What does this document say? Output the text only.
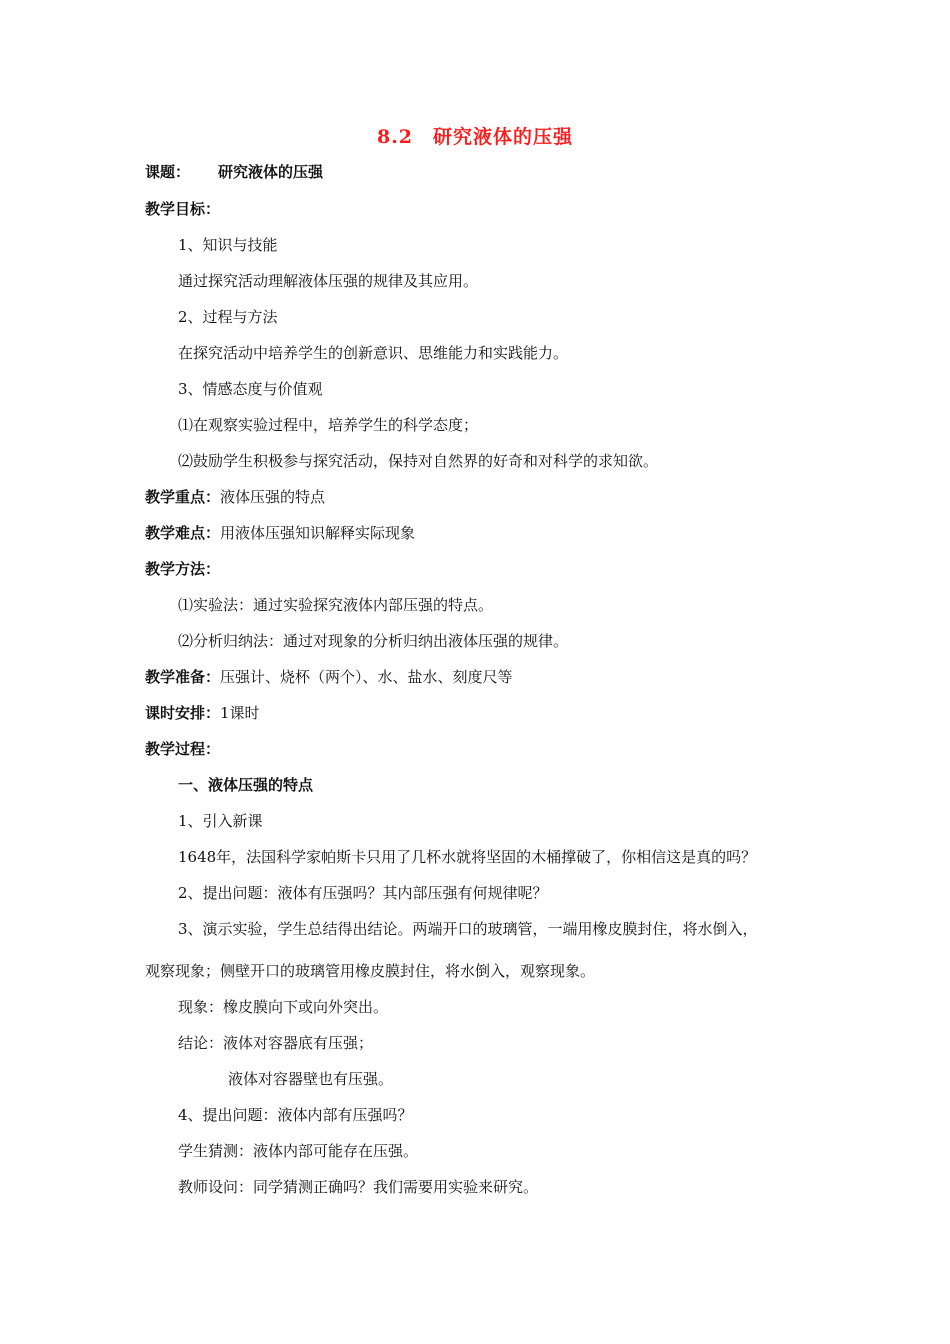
8.2　研究液体的压强
课题： 研究液体的压强
教学目标：
1、知识与技能
通过探究活动理解液体压强的规律及其应用。
2、过程与方法
在探究活动中培养学生的创新意识、思维能力和实践能力。
3、情感态度与价值观
⑴在观察实验过程中，培养学生的科学态度；
⑵鼓励学生积极参与探究活动，保持对自然界的好奇和对科学的求知欲。
教学重点：液体压强的特点
教学难点：用液体压强知识解释实际现象
教学方法：
⑴实验法：通过实验探究液体内部压强的特点。
⑵分析归纳法：通过对现象的分析归纳出液体压强的规律。
教学准备：压强计、烧杯（两个）、水、盐水、刻度尺等
课时安排：1课时
教学过程：
一、液体压强的特点
1、引入新课
1648年，法国科学家帕斯卡只用了几杯水就将坚固的木桶撑破了，你相信这是真的吗？
2、提出问题：液体有压强吗？其内部压强有何规律呢？
3、演示实验，学生总结得出结论。两端开口的玻璃管，一端用橡皮膜封住，将水倒入，
观察现象；侧壁开口的玻璃管用橡皮膜封住，将水倒入，观察现象。
现象：橡皮膜向下或向外突出。
结论：液体对容器底有压强；
液体对容器壁也有压强。
4、提出问题：液体内部有压强吗？
学生猜测：液体内部可能存在压强。
教师设问：同学猜测正确吗？我们需要用实验来研究。
